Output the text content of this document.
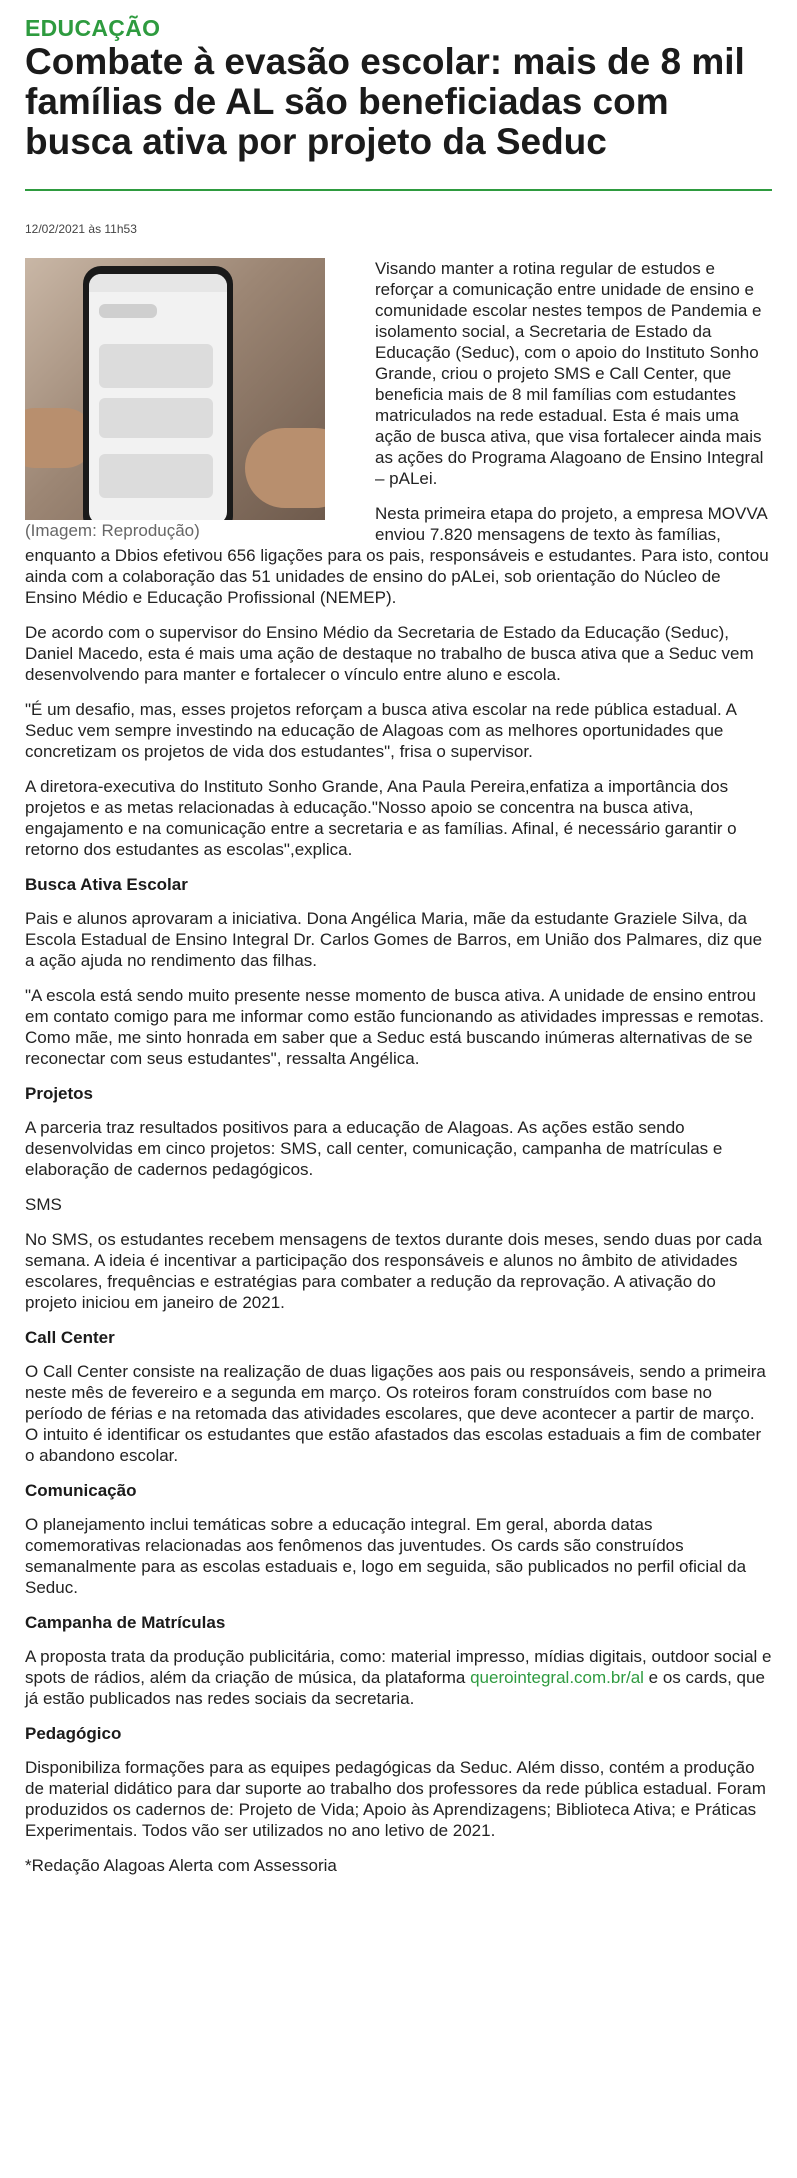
EDUCAÇÃO
Combate à evasão escolar: mais de 8 mil famílias de AL são beneficiadas com busca ativa por projeto da Seduc
12/02/2021 às 11h53
(Imagem: Reprodução)

Visando manter a rotina regular de estudos e reforçar a comunicação entre unidade de ensino e comunidade escolar nestes tempos de Pandemia e isolamento social, a Secretaria de Estado da Educação (Seduc), com o apoio do Instituto Sonho Grande, criou o projeto SMS e Call Center, que beneficia mais de 8 mil famílias com estudantes matriculados na rede estadual. Esta é mais uma ação de busca ativa, que visa fortalecer ainda mais as ações do Programa Alagoano de Ensino Integral – pALei.

Nesta primeira etapa do projeto, a empresa MOVVA enviou 7.820 mensagens de texto às famílias, enquanto a Dbios efetivou 656 ligações para os pais, responsáveis e estudantes. Para isto, contou ainda com a colaboração das 51 unidades de ensino do pALei, sob orientação do Núcleo de Ensino Médio e Educação Profissional (NEMEP).

De acordo com o supervisor do Ensino Médio da Secretaria de Estado da Educação (Seduc), Daniel Macedo, esta é mais uma ação de destaque no trabalho de busca ativa que a Seduc vem desenvolvendo para manter e fortalecer o vínculo entre aluno e escola.

"É um desafio, mas, esses projetos reforçam a busca ativa escolar na rede pública estadual. A Seduc vem sempre investindo na educação de Alagoas com as melhores oportunidades que concretizam os projetos de vida dos estudantes", frisa o supervisor.

A diretora-executiva do Instituto Sonho Grande, Ana Paula Pereira,enfatiza a importância dos projetos e as metas relacionadas à educação."Nosso apoio se concentra na busca ativa, engajamento e na comunicação entre a secretaria e as famílias. Afinal, é necessário garantir o retorno dos estudantes as escolas",explica.

Busca Ativa Escolar

Pais e alunos aprovaram a iniciativa. Dona Angélica Maria, mãe da estudante Graziele Silva, da Escola Estadual de Ensino Integral Dr. Carlos Gomes de Barros, em União dos Palmares, diz que a ação ajuda no rendimento das filhas.

"A escola está sendo muito presente nesse momento de busca ativa. A unidade de ensino entrou em contato comigo para me informar como estão funcionando as atividades impressas e remotas. Como mãe, me sinto honrada em saber que a Seduc está buscando inúmeras alternativas de se reconectar com seus estudantes", ressalta Angélica.

Projetos

A parceria traz resultados positivos para a educação de Alagoas. As ações estão sendo desenvolvidas em cinco projetos: SMS, call center, comunicação, campanha de matrículas e elaboração de cadernos pedagógicos.

SMS

No SMS, os estudantes recebem mensagens de textos durante dois meses, sendo duas por cada semana. A ideia é incentivar a participação dos responsáveis e alunos no âmbito de atividades escolares, frequências e estratégias para combater a redução da reprovação. A ativação do projeto iniciou em janeiro de 2021.

Call Center

O Call Center consiste na realização de duas ligações aos pais ou responsáveis, sendo a primeira neste mês de fevereiro e a segunda em março. Os roteiros foram construídos com base no período de férias e na retomada das atividades escolares, que deve acontecer a partir de março. O intuito é identificar os estudantes que estão afastados das escolas estaduais a fim de combater o abandono escolar.

Comunicação

O planejamento inclui temáticas sobre a educação integral. Em geral, aborda datas comemorativas relacionadas aos fenômenos das juventudes. Os cards são construídos semanalmente para as escolas estaduais e, logo em seguida, são publicados no perfil oficial da Seduc.

Campanha de Matrículas

A proposta trata da produção publicitária, como: material impresso, mídias digitais, outdoor social e spots de rádios, além da criação de música, da plataforma querointegral.com.br/al e os cards, que já estão publicados nas redes sociais da secretaria.

Pedagógico

Disponibiliza formações para as equipes pedagógicas da Seduc. Além disso, contém a produção de material didático para dar suporte ao trabalho dos professores da rede pública estadual. Foram produzidos os cadernos de: Projeto de Vida; Apoio às Aprendizagens; Biblioteca Ativa; e Práticas Experimentais. Todos vão ser utilizados no ano letivo de 2021.

*Redação Alagoas Alerta com Assessoria
